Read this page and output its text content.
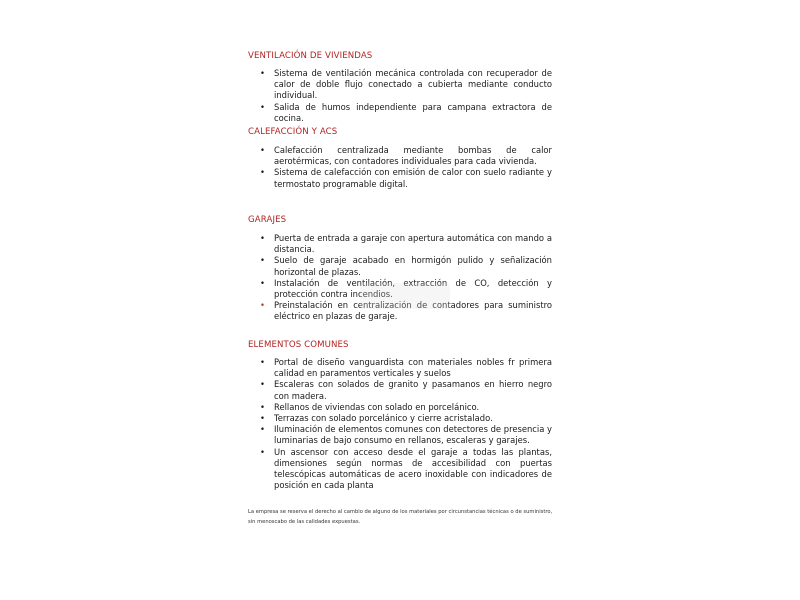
VENTILACIÓN DE VIVIENDAS
• Sistema de ventilación mecánica controlada con recuperador de calor de doble flujo conectado a cubierta mediante conducto individual.
• Salida de humos independiente para campana extractora de cocina.
CALEFACCIÓN Y ACS
• Calefacción centralizada mediante bombas de calor aerotérmicas, con contadores individuales para cada vivienda.
• Sistema de calefacción con emisión de calor con suelo radiante y termostato programable digital.
GARAJES
• Puerta de entrada a garaje con apertura automática con mando a distancia.
• Suelo de garaje acabado en hormigón pulido y señalización horizontal de plazas.
• Instalación de ventilación, extracción de CO, detección y protección contra incendios.
• Preinstalación en centralización de contadores para suministro eléctrico en plazas de garaje.
ELEMENTOS COMUNES
• Portal de diseño vanguardista con materiales nobles fr primera calidad en paramentos verticales y suelos
• Escaleras con solados de granito y pasamanos en hierro negro con madera.
• Rellanos de viviendas con solado en porcelánico.
• Terrazas con solado porcelánico y cierre acristalado.
• Iluminación de elementos comunes con detectores de presencia y luminarias de bajo consumo en rellanos, escaleras y garajes.
• Un ascensor con acceso desde el garaje a todas las plantas, dimensiones según normas de accesibilidad con puertas telescópicas automáticas de acero inoxidable con indicadores de posición en cada planta
La empresa se reserva el derecho al cambio de alguno de los materiales por circunstancias técnicas o de suministro, sin menoscabo de las calidades expuestas.
